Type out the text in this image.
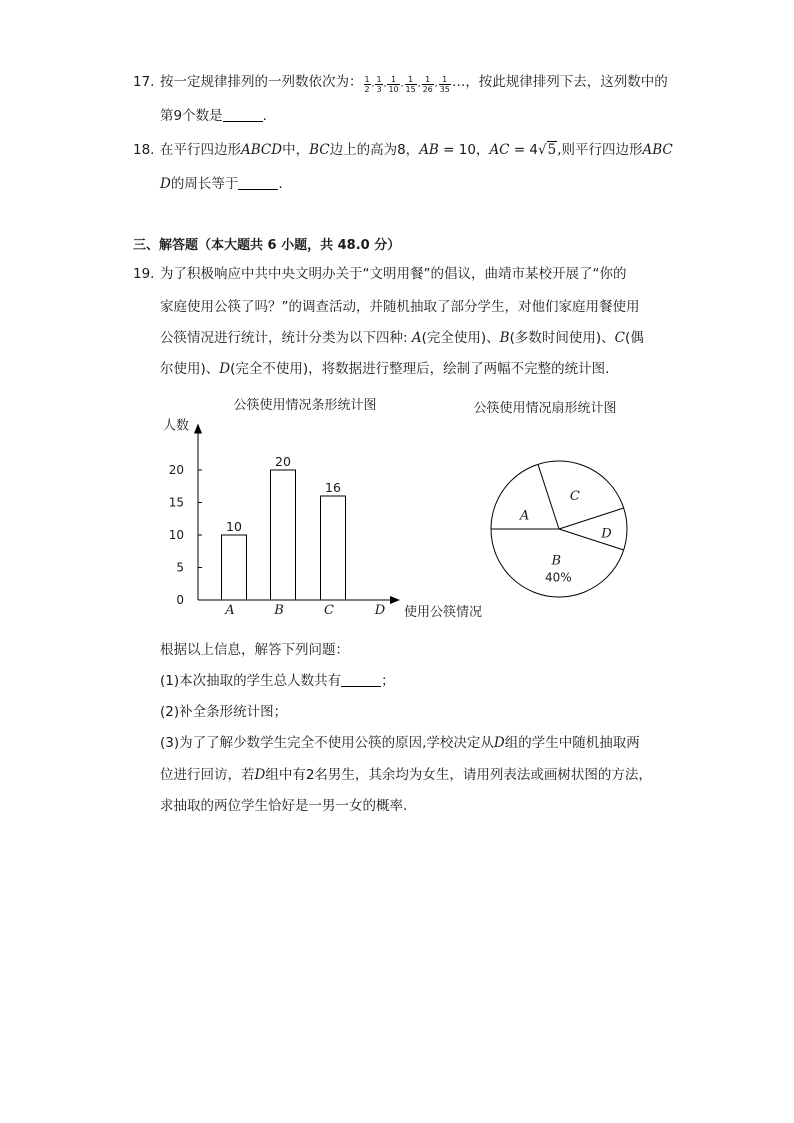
17. 按一定规律排列的一列数依次为： $\frac{1}{2}$ , $\frac{1}{3}$ , $\frac{1}{10}$ , $\frac{1}{15}$ , $\frac{1}{26}$ , $\frac{1}{35}$ …，按此规律排列下去，这列数中的
第9个数是	.
18. 在平行四边形ABCD中，BC边上的高为8，AB = 10，AC = 4√5,则平行四边形ABC
D的周长等于	.
三、解答题（本大题共 6 小题，共 48.0 分）
19. 为了积极响应中共中央文明办关于“文明用餐”的倡议，曲靖市某校开展了“你的
家庭使用公筷了吗？”的调查活动，并随机抽取了部分学生，对他们家庭用餐使用
公筷情况进行统计，统计分类为以下四种: A(完全使用)、B(多数时间使用)、C(偶
尔使用)、D(完全不使用)，将数据进行整理后，绘制了两幅不完整的统计图.
公筷使用情况条形统计图	公筷使用情况扇形统计图
人数
0
5
10
15
20
A
10
B
20
C
16
D 使用公筷情况
A
C
D
B
40%
根据以上信息，解答下列问题：
(1)本次抽取的学生总人数共有	；
(2)补全条形统计图；
(3)为了了解少数学生完全不使用公筷的原因,学校决定从D组的学生中随机抽取两
位进行回访，若D组中有2名男生，其余均为女生，请用列表法或画树状图的方法，
求抽取的两位学生恰好是一男一女的概率.
